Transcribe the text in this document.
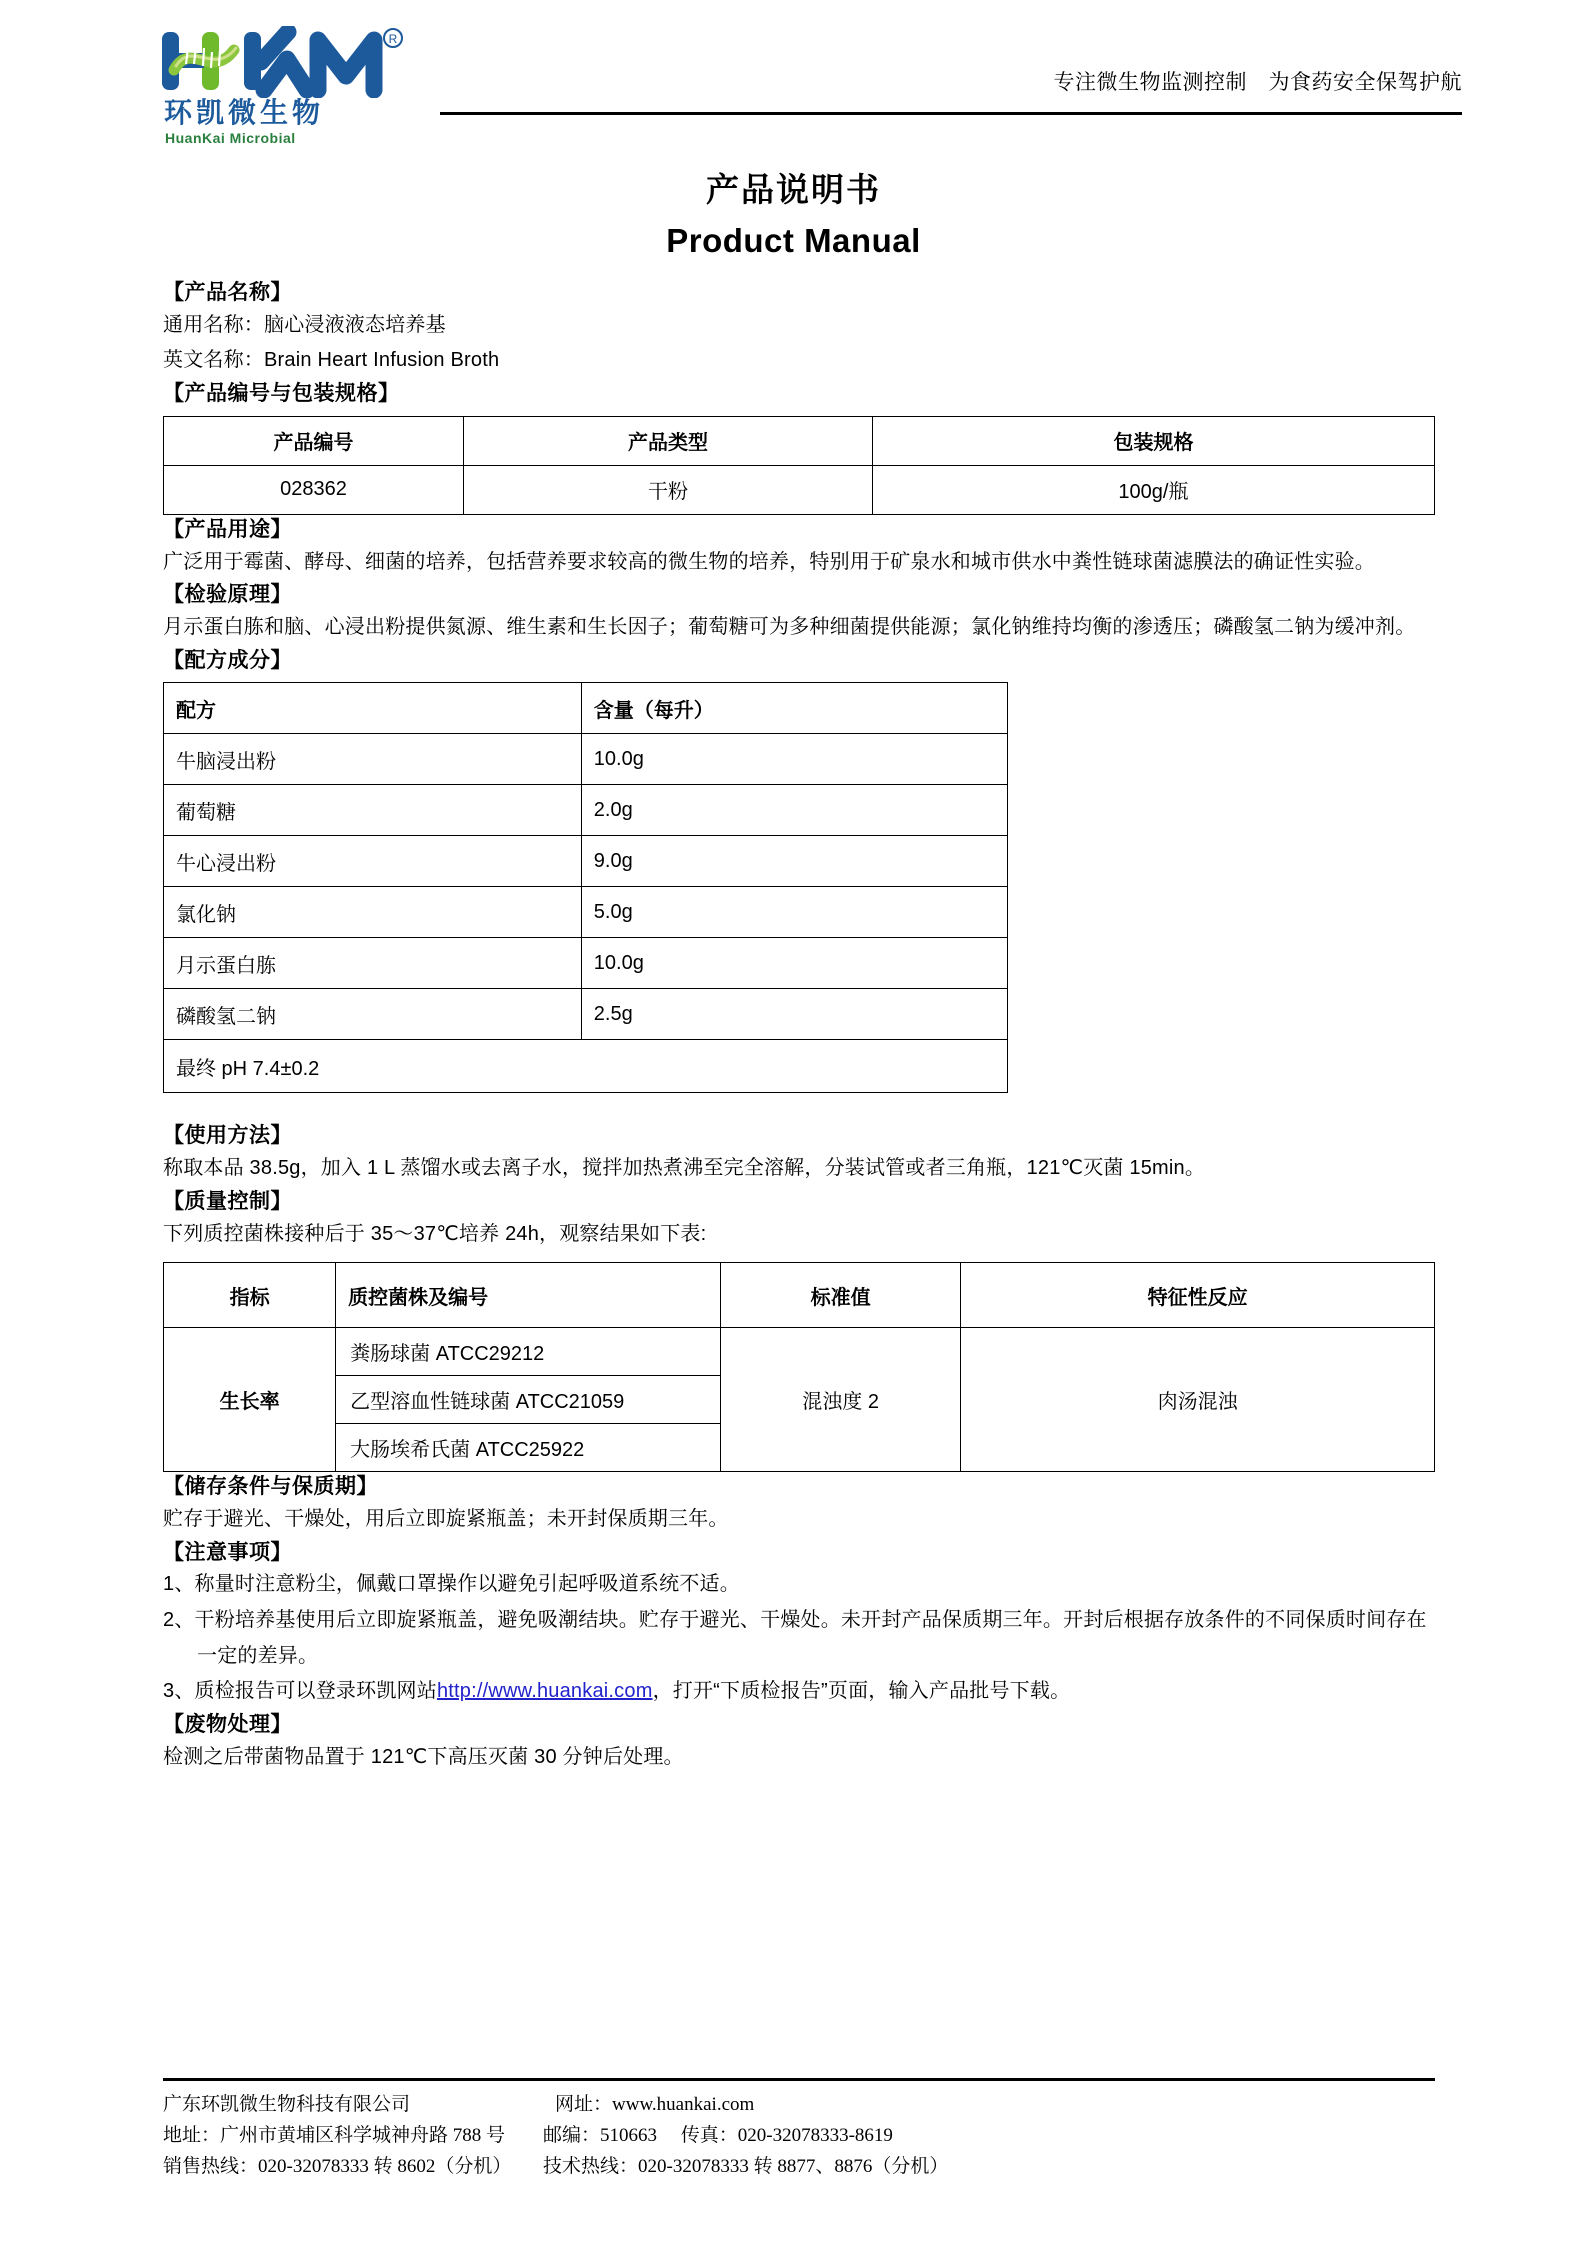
R
环凯微生物
HuanKai Microbial
专注微生物监测控制　为食药安全保驾护航
产品说明书
Product Manual
【产品名称】
通用名称：脑心浸液液态培养基
英文名称：Brain Heart Infusion Broth
【产品编号与包装规格】
产品编号	产品类型	包装规格
028362	干粉	100g/瓶
【产品用途】
广泛用于霉菌、酵母、细菌的培养，包括营养要求较高的微生物的培养，特别用于矿泉水和城市供水中粪性链球菌滤膜法的确证性实验。
【检验原理】
月示蛋白胨和脑、心浸出粉提供氮源、维生素和生长因子；葡萄糖可为多种细菌提供能源；氯化钠维持均衡的渗透压；磷酸氢二钠为缓冲剂。
【配方成分】
配方	含量（每升）
牛脑浸出粉	10.0g
葡萄糖	2.0g
牛心浸出粉	9.0g
氯化钠	5.0g
月示蛋白胨	10.0g
磷酸氢二钠	2.5g
最终 pH 7.4±0.2	
【使用方法】
称取本品 38.5g，加入 1 L 蒸馏水或去离子水，搅拌加热煮沸至完全溶解，分装试管或者三角瓶，121℃灭菌 15min。
【质量控制】
下列质控菌株接种后于 35～37℃培养 24h，观察结果如下表:
指标	质控菌株及编号	标准值	特征性反应
生长率	粪肠球菌 ATCC29212	混浊度 2	肉汤混浊
	乙型溶血性链球菌 ATCC21059		
	大肠埃希氏菌 ATCC25922		
【储存条件与保质期】
贮存于避光、干燥处，用后立即旋紧瓶盖；未开封保质期三年。
【注意事项】
1、称量时注意粉尘，佩戴口罩操作以避免引起呼吸道系统不适。
2、干粉培养基使用后立即旋紧瓶盖，避免吸潮结块。贮存于避光、干燥处。未开封产品保质期三年。开封后根据存放条件的不同保质时间存在一定的差异。
3、质检报告可以登录环凯网站http://www.huankai.com，打开“下质检报告”页面，输入产品批号下载。
【废物处理】
检测之后带菌物品置于 121℃下高压灭菌 30 分钟后处理。
广东环凯微生物科技有限公司	网址：www.huankai.com
地址：广州市黄埔区科学城神舟路 788 号	邮编：510663　 传真：020-32078333-8619
销售热线：020-32078333 转 8602（分机）	技术热线：020-32078333 转 8877、8876（分机）
